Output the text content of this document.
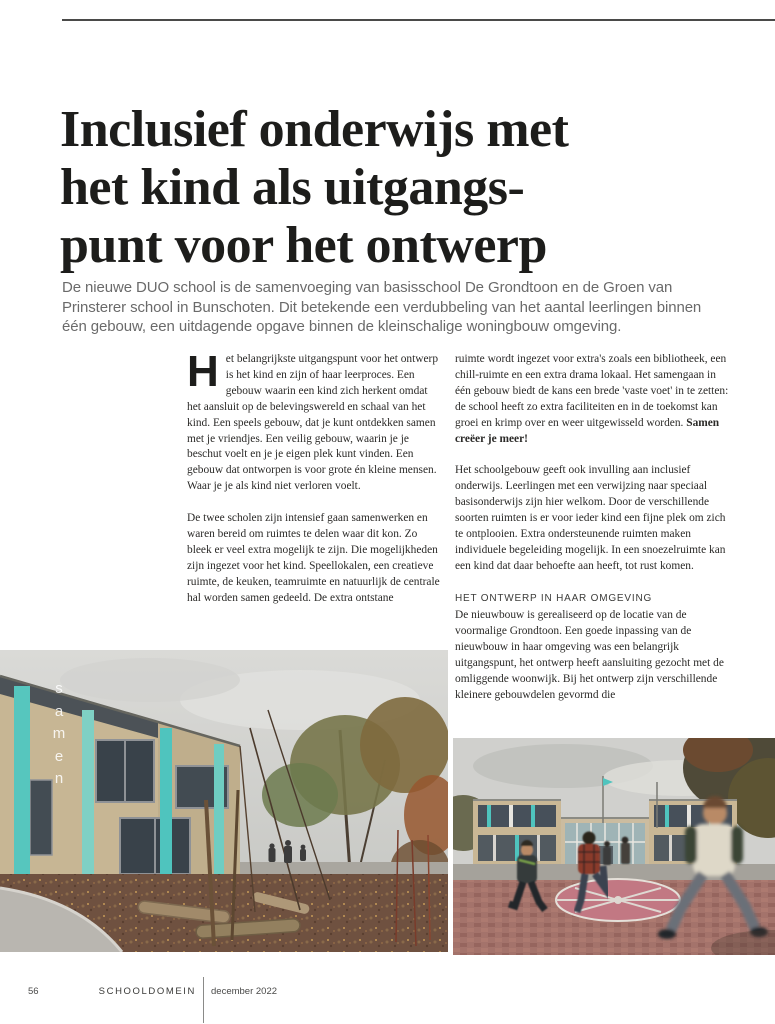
Inclusief onderwijs met
het kind als uitgangs-
punt voor het ontwerp

De nieuwe DUO school is de samenvoeging van basisschool De Grondtoon en de Groen van Prinsterer school in Bunschoten. Dit betekende een verdubbeling van het aantal leerlingen binnen één gebouw, een uitdagende opgave binnen de kleinschalige woningbouw omgeving.

Het belangrijkste uitgangspunt voor het ontwerp is het kind en zijn of haar leerproces. Een gebouw waarin een kind zich herkent omdat het aansluit op de belevingswereld en schaal van het kind. Een speels gebouw, dat je kunt ontdekken samen met je vriendjes. Een veilig gebouw, waarin je je beschut voelt en je je eigen plek kunt vinden. Een gebouw dat ontworpen is voor grote én kleine mensen. Waar je je als kind niet verloren voelt.

De twee scholen zijn intensief gaan samenwerken en waren bereid om ruimtes te delen waar dit kon. Zo bleek er veel extra mogelijk te zijn. Die mogelijkheden zijn ingezet voor het kind. Speellokalen, een creatieve ruimte, de keuken, teamruimte en natuurlijk de centrale hal worden samen gedeeld. De extra ontstane

ruimte wordt ingezet voor extra's zoals een bibliotheek, een chill-ruimte en een extra drama lokaal. Het samengaan in één gebouw biedt de kans een brede 'vaste voet' in te zetten: de school heeft zo extra faciliteiten en in de toekomst kan groei en krimp over en weer uitgewisseld worden. Samen creëer je meer!

Het schoolgebouw geeft ook invulling aan inclusief onderwijs. Leerlingen met een verwijzing naar speciaal basisonderwijs zijn hier welkom. Door de verschillende soorten ruimten is er voor ieder kind een fijne plek om zich te ontplooien. Extra ondersteunende ruimten maken individuele begeleiding mogelijk. In een snoezelruimte kan een kind dat daar behoefte aan heeft, tot rust komen.

HET ONTWERP IN HAAR OMGEVING

De nieuwbouw is gerealiseerd op de locatie van de voormalige Grondtoon. Een goede inpassing van de nieuwbouw in haar omgeving was een belangrijk uitgangspunt, het ontwerp heeft aansluiting gezocht met de omliggende woonwijk. Bij het ontwerp zijn verschillende kleinere gebouwdelen gevormd die

s
a
m
e
n
56	SCHOOLDOMEIN december 2022
